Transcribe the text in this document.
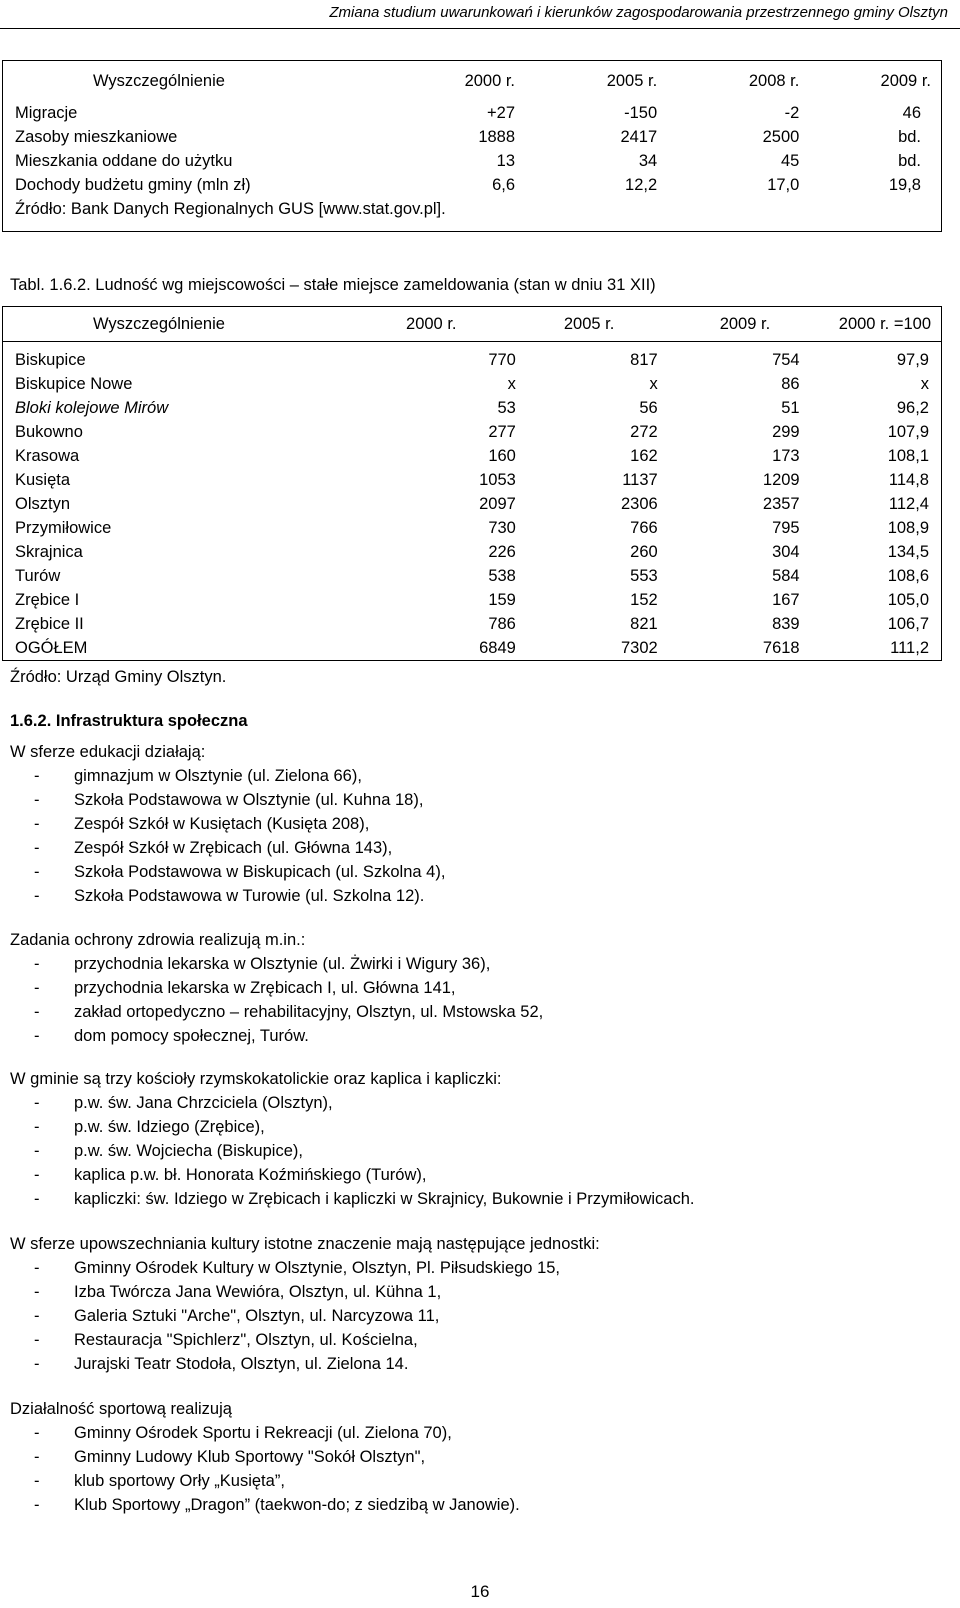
Zmiana studium uwarunkowań i kierunków zagospodarowania przestrzennego gminy Olsztyn
Wyszczególnienie	2000 r.	2005 r.	2008 r.	2009 r.
Migracje	+27	-150	-2	46
Zasoby mieszkaniowe	1888	2417	2500	bd.
Mieszkania oddane do użytku	13	34	45	bd.
Dochody budżetu gminy (mln zł)	6,6	12,2	17,0	19,8
Źródło: Bank Danych Regionalnych GUS [www.stat.gov.pl].				

Tabl. 1.6.2. Ludność wg miejscowości – stałe miejsce zameldowania (stan w dniu 31 XII)
Wyszczególnienie	2000 r.	2005 r.	2009 r.	2000 r. =100

Biskupice	770	817	754	97,9
Biskupice Nowe	x	x	86	x
Bloki kolejowe Mirów	53	56	51	96,2
Bukowno	277	272	299	107,9
Krasowa	160	162	173	108,1
Kusięta	1053	1137	1209	114,8
Olsztyn	2097	2306	2357	112,4
Przymiłowice	730	766	795	108,9
Skrajnica	226	260	304	134,5
Turów	538	553	584	108,6
Zrębice I	159	152	167	105,0
Zrębice II	786	821	839	106,7
OGÓŁEM	6849	7302	7618	111,2
Źródło: Urząd Gminy Olsztyn.
1.6.2. Infrastruktura społeczna
W sferze edukacji działają:
- gimnazjum w Olsztynie (ul. Zielona 66),
- Szkoła Podstawowa w Olsztynie (ul. Kuhna 18),
- Zespół Szkół w Kusiętach (Kusięta 208),
- Zespół Szkół w Zrębicach (ul. Główna 143),
- Szkoła Podstawowa w Biskupicach (ul. Szkolna 4),
- Szkoła Podstawowa w Turowie (ul. Szkolna 12).
Zadania ochrony zdrowia realizują m.in.:
- przychodnia lekarska w Olsztynie (ul. Żwirki i Wigury 36),
- przychodnia lekarska w Zrębicach I, ul. Główna 141,
- zakład ortopedyczno – rehabilitacyjny, Olsztyn, ul. Mstowska 52,
- dom pomocy społecznej, Turów.
W gminie są trzy kościoły rzymskokatolickie oraz kaplica i kapliczki:
- p.w. św. Jana Chrzciciela (Olsztyn),
- p.w. św. Idziego (Zrębice),
- p.w. św. Wojciecha (Biskupice),
- kaplica p.w. bł. Honorata Koźmińskiego (Turów),
- kapliczki: św. Idziego w Zrębicach i kapliczki w Skrajnicy, Bukownie i Przymiłowicach.
W sferze upowszechniania kultury istotne znaczenie mają następujące jednostki:
- Gminny Ośrodek Kultury w Olsztynie, Olsztyn, Pl. Piłsudskiego 15,
- Izba Twórcza Jana Wewióra, Olsztyn, ul. Kühna 1,
- Galeria Sztuki "Arche", Olsztyn, ul. Narcyzowa 11,
- Restauracja "Spichlerz", Olsztyn, ul. Kościelna,
- Jurajski Teatr Stodoła, Olsztyn, ul. Zielona 14.
Działalność sportową realizują
- Gminny Ośrodek Sportu i Rekreacji (ul. Zielona 70),
- Gminny Ludowy Klub Sportowy "Sokół Olsztyn",
- klub sportowy Orły „Kusięta”,
- Klub Sportowy „Dragon” (taekwon-do; z siedzibą w Janowie).
16
